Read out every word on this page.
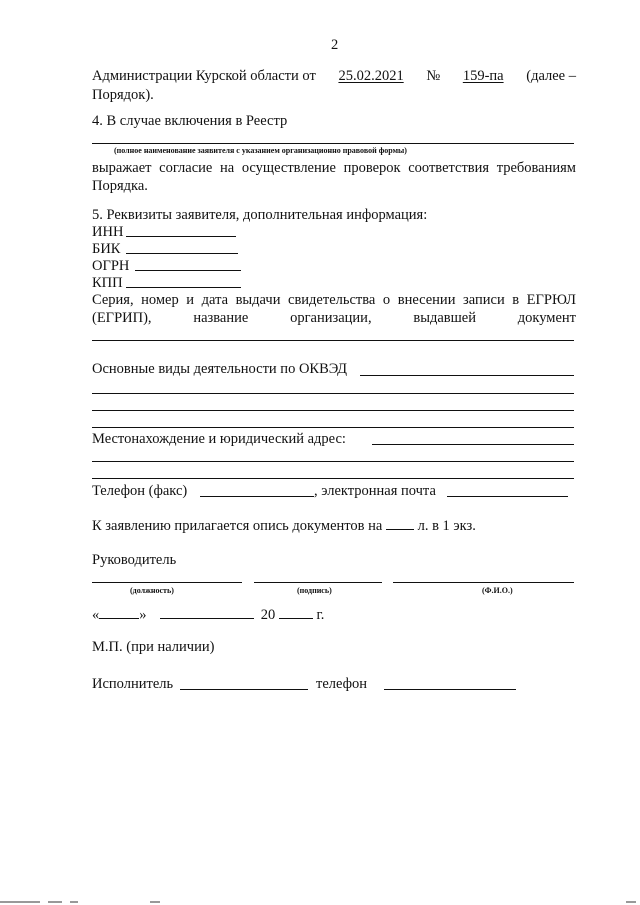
2
Администрации Курской области от 25.02.2021 № 159-па (далее –
Порядок).
4. В случае включения в Реестр
(полное наименование заявителя с указанием организационно правовой формы)
выражает согласие на осуществление проверок соответствия требованиям
Порядка.
5. Реквизиты заявителя, дополнительная информация:
ИНН
БИК
ОГРН
КПП
Серия, номер и дата выдачи свидетельства о внесении записи в ЕГРЮЛ
(ЕГРИП), название организации, выдавшей документ
Основные виды деятельности по ОКВЭД
Местонахождение и юридический адрес:
Телефон (факс)	, электронная почта
К заявлению прилагается опись документов на л. в 1 экз.
Руководитель
(должность)	(подпись)	(Ф.И.О.)
«	»	20	г.
М.П. (при наличии)
Исполнитель	телефон
